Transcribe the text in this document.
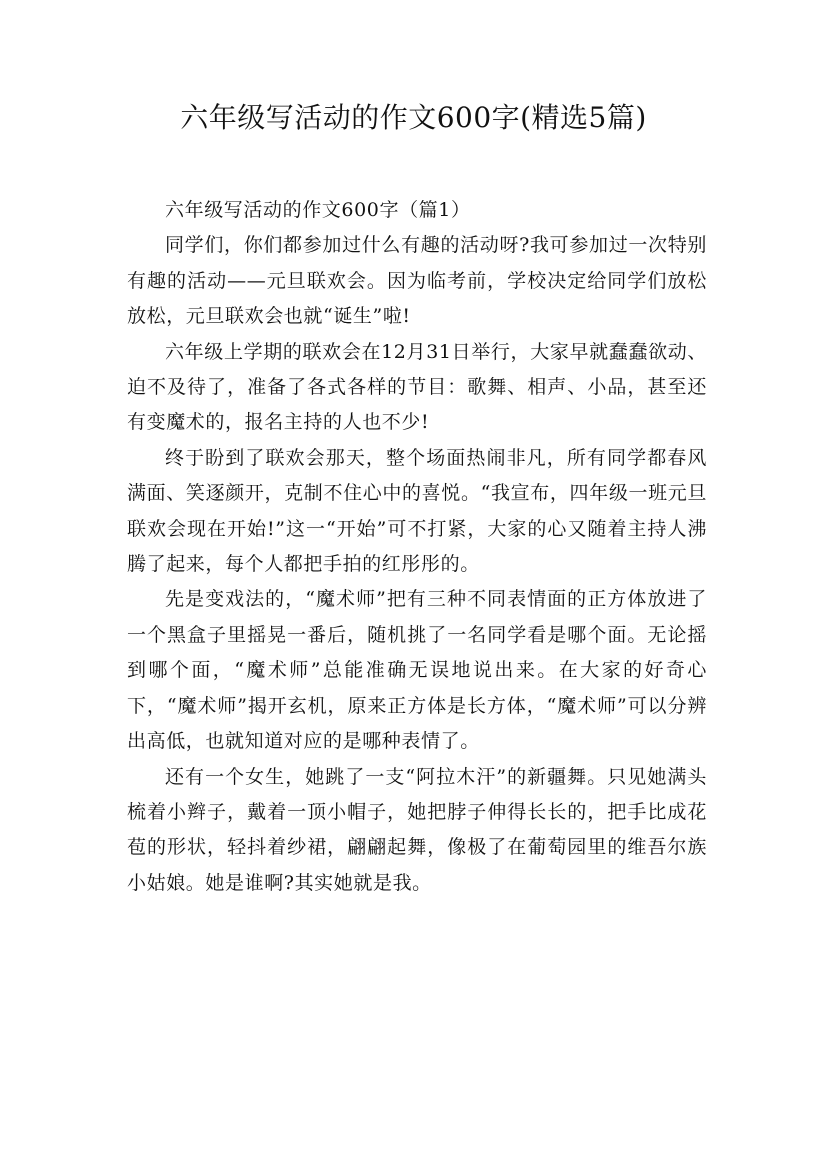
六年级写活动的作文600字(精选5篇)

六年级写活动的作文600字（篇1）

同学们，你们都参加过什么有趣的活动呀?我可参加过一次特别有趣的活动——元旦联欢会。因为临考前，学校决定给同学们放松放松，元旦联欢会也就“诞生”啦!

六年级上学期的联欢会在12月31日举行，大家早就蠢蠢欲动、迫不及待了，准备了各式各样的节目：歌舞、相声、小品，甚至还有变魔术的，报名主持的人也不少!

终于盼到了联欢会那天，整个场面热闹非凡，所有同学都春风满面、笑逐颜开，克制不住心中的喜悦。“我宣布，四年级一班元旦联欢会现在开始!”这一“开始”可不打紧，大家的心又随着主持人沸腾了起来，每个人都把手拍的红彤彤的。

先是变戏法的，“魔术师”把有三种不同表情面的正方体放进了一个黑盒子里摇晃一番后，随机挑了一名同学看是哪个面。无论摇到哪个面，“魔术师”总能准确无误地说出来。在大家的好奇心下，“魔术师”揭开玄机，原来正方体是长方体，“魔术师”可以分辨出高低，也就知道对应的是哪种表情了。

还有一个女生，她跳了一支“阿拉木汗”的新疆舞。只见她满头梳着小辫子，戴着一顶小帽子，她把脖子伸得长长的，把手比成花苞的形状，轻抖着纱裙，翩翩起舞，像极了在葡萄园里的维吾尔族小姑娘。她是谁啊?其实她就是我。
